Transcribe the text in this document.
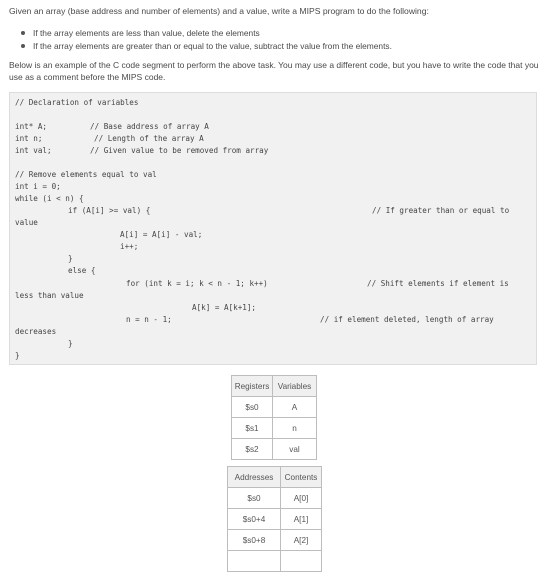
Given an array (base address and number of elements) and a value, write a MIPS program to do the following:
If the array elements are less than value, delete the elements
If the array elements are greater than or equal to the value, subtract the value from the elements.
Below is an example of the C code segment to perform the above task. You may use a different code, but you have to write the code that you use as a comment before the MIPS code.
// Declaration of variables
int* A;	// Base address of array A
int n;	// Length of the array A
int val;	// Given value to be removed from array
// Remove elements equal to val
int i = 0;
while (i < n) {
if (A[i] >= val) {	// If greater than or equal to
value
A[i] = A[i] - val;
i++;
}
else {
for (int k = i; k < n - 1; k++)	// Shift elements if element is
less than value
A[k] = A[k+1];
n = n - 1;	// if element deleted, length of array
decreases
}
}
Registers	Variables
$s0	A
$s1	n
$s2	val
Addresses	Contents
$s0	A[0]
$s0+4	A[1]
$s0+8	A[2]
